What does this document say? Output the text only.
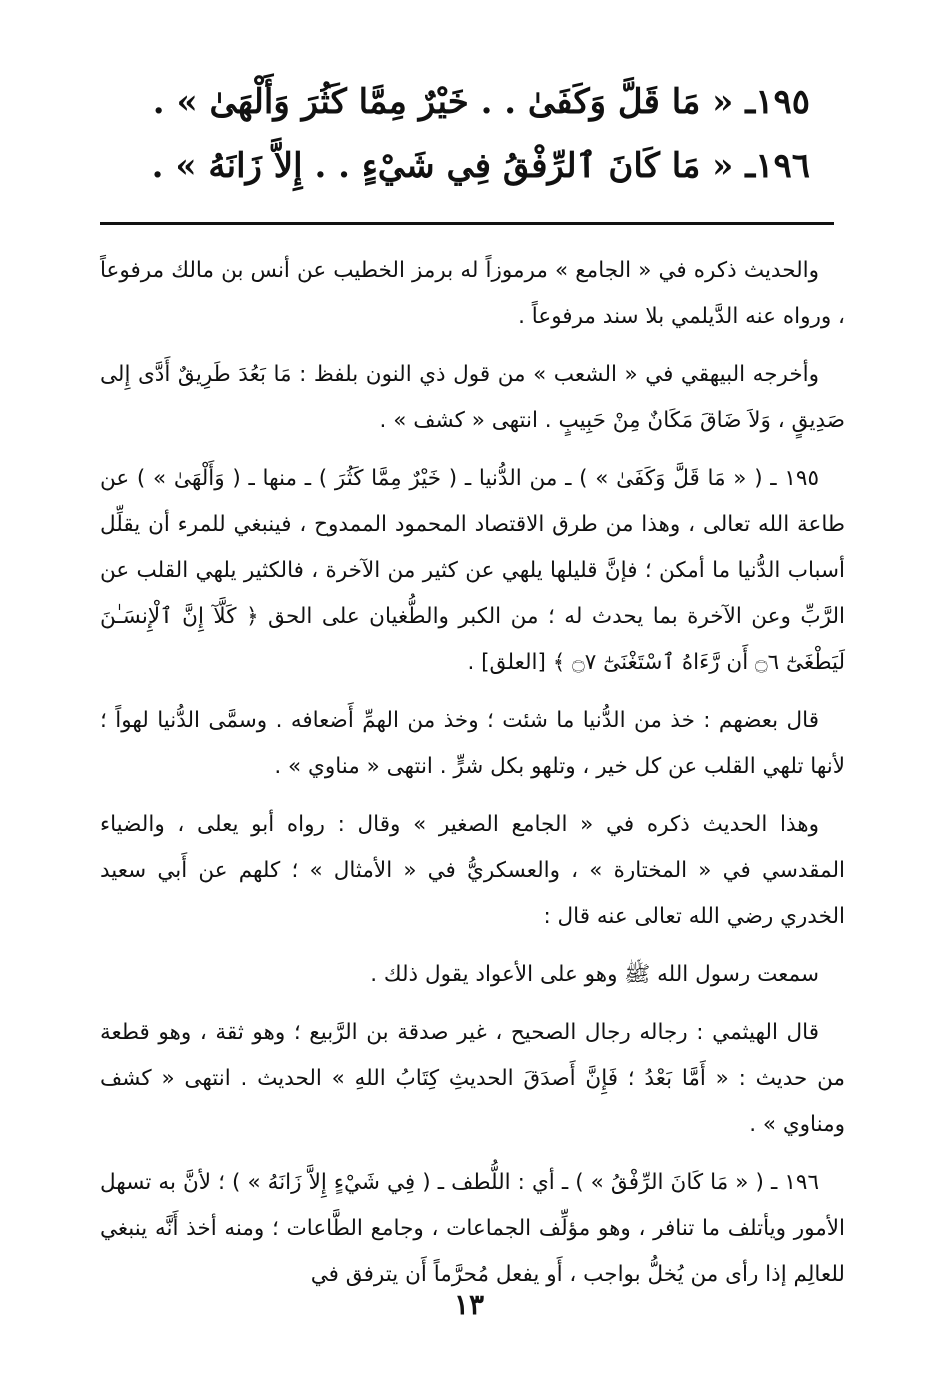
١٩٥ـ « مَا قَلَّ وَكَفَىٰ . . خَيْرٌ مِمَّا كَثُرَ وَأَلْهَىٰ » .

١٩٦ـ « مَا كَانَ ٱلرِّفْقُ فِي شَيْءٍ . . إِلاَّ زَانَهُ » .

والحديث ذكره في « الجامع » مرموزاً له برمز الخطيب عن أنس بن مالك مرفوعاً ، ورواه عنه الدَّيلمي بلا سند مرفوعاً .

وأخرجه البيهقي في « الشعب » من قول ذي النون بلفظ : مَا بَعُدَ طَرِيقٌ أَدَّى إِلى صَدِيقٍ ، وَلاَ ضَاقَ مَكَانٌ مِنْ حَبِيبٍ . انتهى « كشف » .

١٩٥ ـ ( « مَا قَلَّ وَكَفَىٰ » ) ـ من الدُّنيا ـ ( خَيْرٌ مِمَّا كَثُرَ ) ـ منها ـ ( وَأَلْهَىٰ » ) عن طاعة الله تعالى ، وهذا من طرق الاقتصاد المحمود الممدوح ، فينبغي للمرء أن يقلِّل أسباب الدُّنيا ما أمكن ؛ فإنَّ قليلها يلهي عن كثير من الآخرة ، فالكثير يلهي القلب عن الرَّبِّ وعن الآخرة بما يحدث له ؛ من الكبر والطُّغيان على الحق ﴿ كَلَّآ إِنَّ ٱلْإِنسَـٰنَ لَيَطْغَىٰٓ ۝٦ أَن رَّءَاهُ ٱسْتَغْنَىٰٓ ۝٧ ﴾ [العلق] .

قال بعضهم : خذ من الدُّنيا ما شئت ؛ وخذ من الهمِّ أَضعافه . وسمَّى الدُّنيا لهواً ؛ لأنها تلهي القلب عن كل خير ، وتلهو بكل شرٍّ . انتهى « مناوي » .

وهذا الحديث ذكره في « الجامع الصغير » وقال : رواه أبو يعلى ، والضياء المقدسي في « المختارة » ، والعسكريُّ في « الأمثال » ؛ كلهم عن أَبي سعيد الخدري رضي الله تعالى عنه قال :

سمعت رسول الله ﷺ وهو على الأعواد يقول ذلك .

قال الهيثمي : رجاله رجال الصحيح ، غير صدقة بن الرَّبيع ؛ وهو ثقة ، وهو قطعة من حديث : « أَمَّا بَعْدُ ؛ فَإِنَّ أَصدَقَ الحديثِ كِتَابُ اللهِ » الحديث . انتهى « كشف ومناوي » .

١٩٦ ـ ( « مَا كَانَ الرِّفْقُ » ) ـ أي : اللُّطف ـ ( فِي شَيْءٍ إِلاَّ زَانَهُ » ) ؛ لأنَّ به تسهل الأمور ويأتلف ما تنافر ، وهو مؤلِّف الجماعات ، وجامع الطَّاعات ؛ ومنه أخذ أَنَّه ينبغي للعالِم إذا رأى من يُخلُّ بواجب ، أَو يفعل مُحرَّماً أَن يترفق في

١٣
